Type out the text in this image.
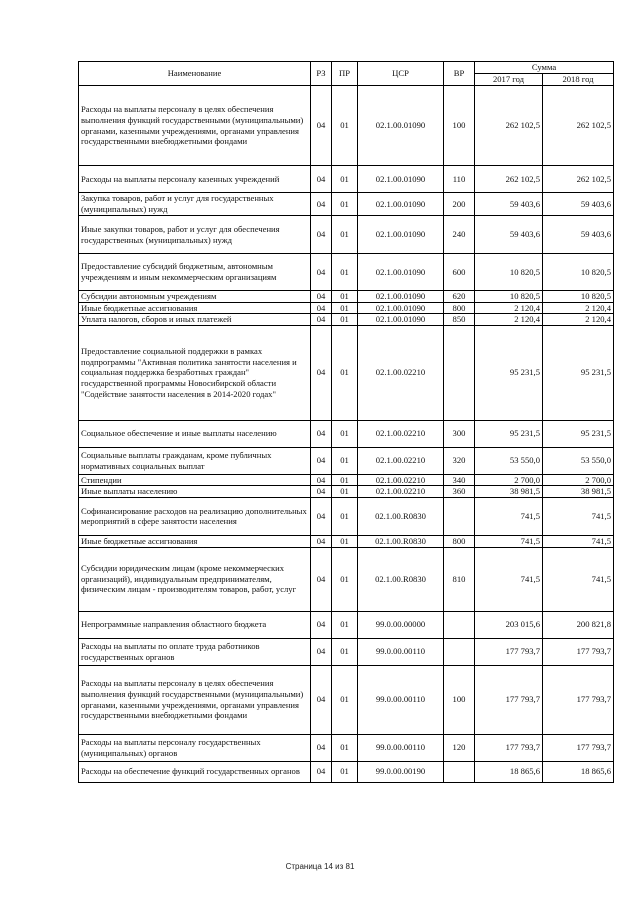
Наименование	РЗ	ПР	ЦСР	ВР	Сумма	
					2017 год	2018 год
Расходы на выплаты персоналу в целях обеспечения выполнения функций государственными (муниципальными) органами, казенными учреждениями, органами управления государственными внебюджетными фондами	04	01	02.1.00.01090	100	262 102,5	262 102,5
Расходы на выплаты персоналу казенных учреждений	04	01	02.1.00.01090	110	262 102,5	262 102,5
Закупка товаров, работ и услуг для государственных (муниципальных) нужд	04	01	02.1.00.01090	200	59 403,6	59 403,6
Иные закупки товаров, работ и услуг для обеспечения государственных (муниципальных) нужд	04	01	02.1.00.01090	240	59 403,6	59 403,6
Предоставление субсидий бюджетным, автономным учреждениям и иным некоммерческим организациям	04	01	02.1.00.01090	600	10 820,5	10 820,5
Субсидии автономным учреждениям	04	01	02.1.00.01090	620	10 820,5	10 820,5
Иные бюджетные ассигнования	04	01	02.1.00.01090	800	2 120,4	2 120,4
Уплата налогов, сборов и иных платежей	04	01	02.1.00.01090	850	2 120,4	2 120,4
Предоставление социальной поддержки в рамках подпрограммы "Активная политика занятости населения и социальная поддержка безработных граждан" государственной программы Новосибирской области "Содействие занятости населения в 2014-2020 годах"	04	01	02.1.00.02210		95 231,5	95 231,5
Социальное обеспечение и иные выплаты населению	04	01	02.1.00.02210	300	95 231,5	95 231,5
Социальные выплаты гражданам, кроме публичных нормативных социальных выплат	04	01	02.1.00.02210	320	53 550,0	53 550,0
Стипендии	04	01	02.1.00.02210	340	2 700,0	2 700,0
Иные выплаты населению	04	01	02.1.00.02210	360	38 981,5	38 981,5
Софинансирование расходов на реализацию дополнительных мероприятий в сфере занятости населения	04	01	02.1.00.R0830		741,5	741,5
Иные бюджетные ассигнования	04	01	02.1.00.R0830	800	741,5	741,5
Субсидии юридическим лицам (кроме некоммерческих организаций), индивидуальным предпринимателям, физическим лицам - производителям товаров, работ, услуг	04	01	02.1.00.R0830	810	741,5	741,5
Непрограммные направления областного бюджета	04	01	99.0.00.00000		203 015,6	200 821,8
Расходы на выплаты по оплате труда работников государственных органов	04	01	99.0.00.00110		177 793,7	177 793,7
Расходы на выплаты персоналу в целях обеспечения выполнения функций государственными (муниципальными) органами, казенными учреждениями, органами управления государственными внебюджетными фондами	04	01	99.0.00.00110	100	177 793,7	177 793,7
Расходы на выплаты персоналу государственных (муниципальных) органов	04	01	99.0.00.00110	120	177 793,7	177 793,7
Расходы на обеспечение функций государственных органов	04	01	99.0.00.00190		18 865,6	18 865,6
Страница 14 из 81
